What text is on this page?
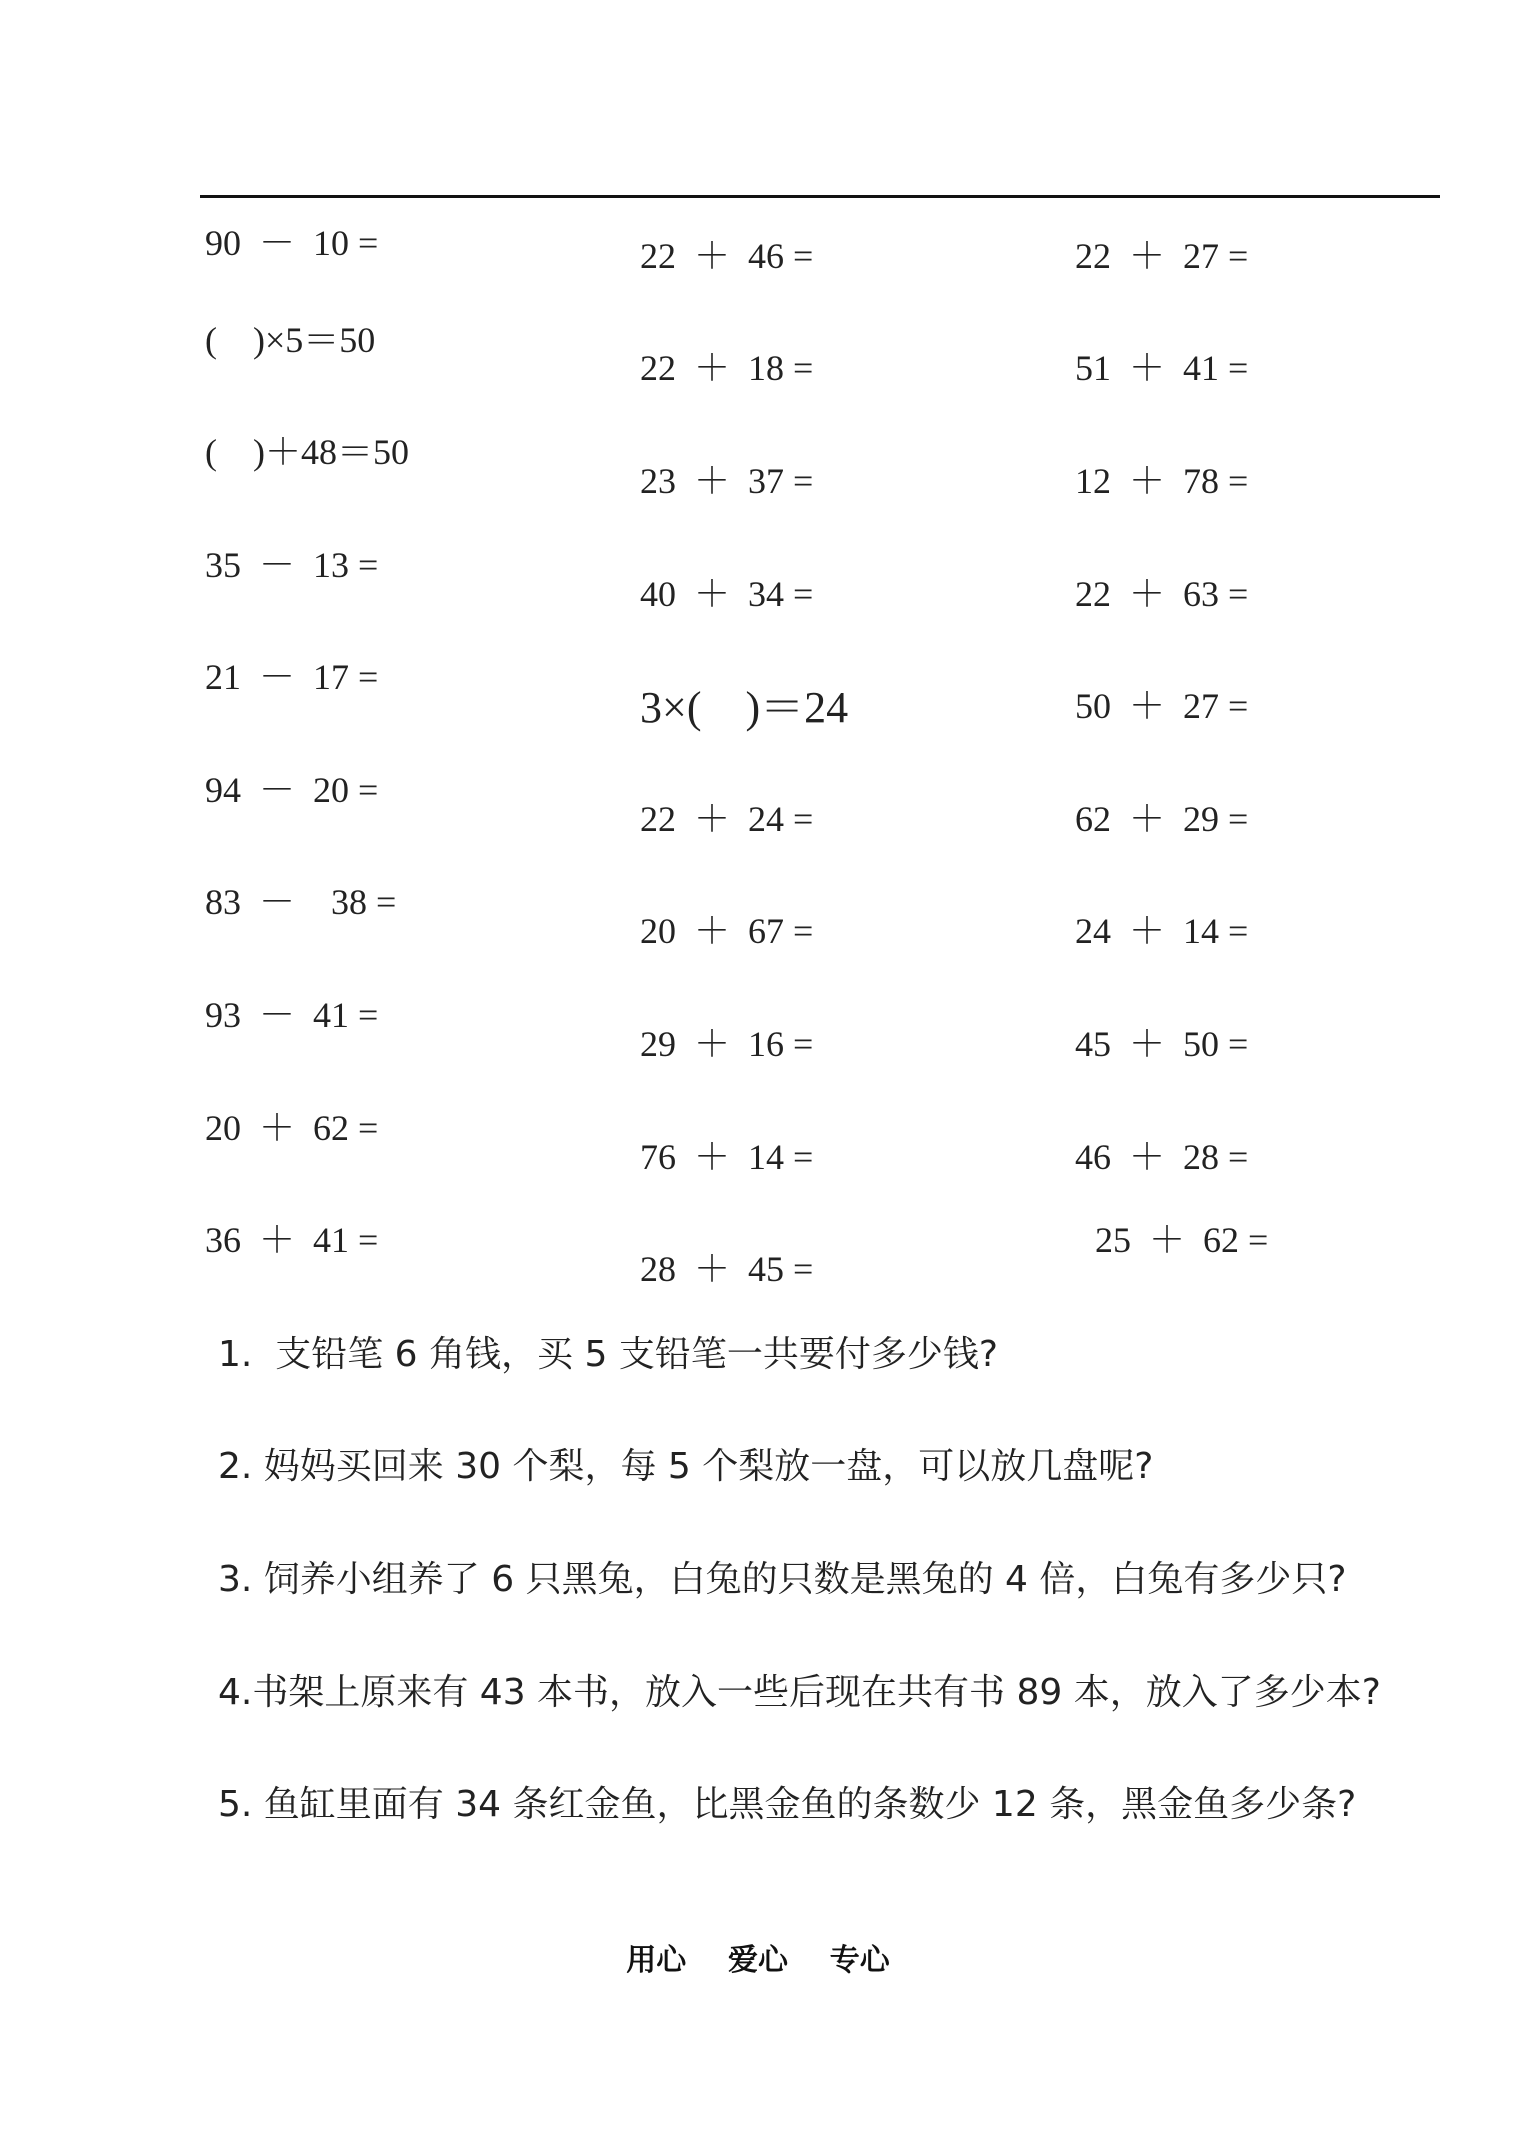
90  －  10 =
(    )×5＝50
(    )＋48＝50
35  －  13 =
21  －  17 =
94  －  20 =
83  －    38 =
93  －  41 =
20  ＋  62 =
36  ＋  41 =
22  ＋  46 =
22  ＋  18 =
23  ＋  37 =
40  ＋  34 =
3×(    )＝24
22  ＋  24 =
20  ＋  67 =
29  ＋  16 =
76  ＋  14 =
28  ＋  45 =
22  ＋  27 =
51  ＋  41 =
12  ＋  78 =
22  ＋  63 =
50  ＋  27 =
62  ＋  29 =
24  ＋  14 =
45  ＋  50 =
46  ＋  28 =
25  ＋  62 =
1.  支铅笔 6 角钱，买 5 支铅笔一共要付多少钱?
2. 妈妈买回来 30 个梨，每 5 个梨放一盘，可以放几盘呢?
3. 饲养小组养了 6 只黑兔，白兔的只数是黑兔的 4 倍，白兔有多少只?
4.书架上原来有 43 本书，放入一些后现在共有书 89 本，放入了多少本?
5. 鱼缸里面有 34 条红金鱼，比黑金鱼的条数少 12 条，黑金鱼多少条?
用心    爱心    专心
